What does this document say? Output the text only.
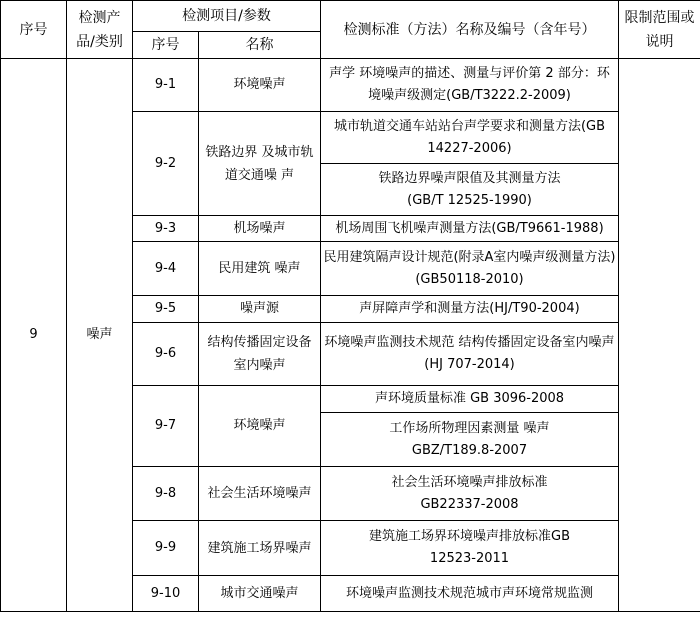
序号	检测产品/类别	检测项目/参数		检测标准（方法）名称及编号（含年号）	限制范围或说明
		序号	名称		
9	噪声	9-1	环境噪声	声学 环境噪声的描述、测量与评价第 2 部分：环境噪声级测定(GB/T3222.2-2009)	
		9-2	铁路边界 及城市轨 道交通噪 声	城市轨道交通车站站台声学要求和测量方法(GB 14227-2006)	
				铁路边界噪声限值及其测量方法(GB/T 12525-1990)	
		9-3	机场噪声	机场周围飞机噪声测量方法(GB/T9661-1988)	
		9-4	民用建筑 噪声	民用建筑隔声设计规范(附录A室内噪声级测量方法)(GB50118-2010)	
		9-5	噪声源	声屏障声学和测量方法(HJ/T90-2004)	
		9-6	结构传播固定设备室内噪声	环境噪声监测技术规范 结构传播固定设备室内噪声 (HJ 707-2014)	
		9-7	环境噪声	声环境质量标准 GB 3096-2008	
				工作场所物理因素测量 噪声GBZ/T189.8-2007	
		9-8	社会生活环境噪声	社会生活环境噪声排放标准GB22337-2008	
		9-9	建筑施工场界噪声	建筑施工场界环境噪声排放标准GB 12523-2011	
		9-10	城市交通噪声	环境噪声监测技术规范城市声环境常规监测	
